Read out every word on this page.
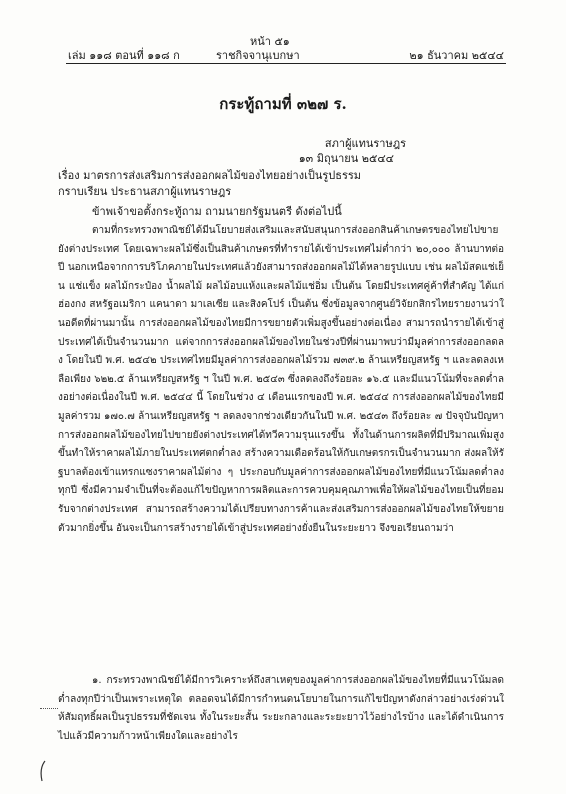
หน้า ๕๑
เล่ม ๑๑๘ ตอนที่ ๑๑๘ ก	ราชกิจจานุเบกษา	๒๑ ธันวาคม ๒๕๔๔
กระทู้ถามที่ ๓๒๗ ร.
สภาผู้แทนราษฎร
๑๓ มิถุนายน ๒๕๔๔
เรื่อง มาตรการส่งเสริมการส่งออกผลไม้ของไทยอย่างเป็นรูปธรรม
กราบเรียน ประธานสภาผู้แทนราษฎร
ข้าพเจ้าขอตั้งกระทู้ถาม ถามนายกรัฐมนตรี ดังต่อไปนี้
ตามที่กระทรวงพาณิชย์ได้มีนโยบายส่งเสริมและสนับสนุนการส่งออกสินค้าเกษตรของไทยไปขายยังต่างประเทศ โดยเฉพาะผลไม้ซึ่งเป็นสินค้าเกษตรที่ทำรายได้เข้าประเทศไม่ต่ำกว่า ๒๐,๐๐๐ ล้านบาทต่อปี นอกเหนือจากการบริโภคภายในประเทศแล้วยังสามารถส่งออกผลไม้ได้หลายรูปแบบ เช่น ผลไม้สดแช่เย็น แช่แข็ง ผลไม้กระป๋อง น้ำผลไม้ ผลไม้อบแห้งและผลไม้แช่อิ่ม เป็นต้น โดยมีประเทศคู่ค้าที่สำคัญ ได้แก่ ฮ่องกง สหรัฐอเมริกา แคนาดา มาเลเซีย และสิงคโปร์ เป็นต้น ซึ่งข้อมูลจากศูนย์วิจัยกสิกรไทยรายงานว่าในอดีตที่ผ่านมานั้น การส่งออกผลไม้ของไทยมีการขยายตัวเพิ่มสูงขึ้นอย่างต่อเนื่อง สามารถนำรายได้เข้าสู่ประเทศได้เป็นจำนวนมาก แต่จากการส่งออกผลไม้ของไทยในช่วงปีที่ผ่านมาพบว่ามีมูลค่าการส่งออกลดลง โดยในปี พ.ศ. ๒๕๔๒ ประเทศไทยมีมูลค่าการส่งออกผลไม้รวม ๗๓๙.๒ ล้านเหรียญสหรัฐ ฯ และลดลงเหลือเพียง ๖๒๒.๕ ล้านเหรียญสหรัฐ ฯ ในปี พ.ศ. ๒๕๔๓ ซึ่งลดลงถึงร้อยละ ๑๖.๕ และมีแนวโน้มที่จะลดต่ำลงอย่างต่อเนื่องในปี พ.ศ. ๒๕๔๔ นี้ โดยในช่วง ๔ เดือนแรกของปี พ.ศ. ๒๕๔๔ การส่งออกผลไม้ของไทยมีมูลค่ารวม ๑๗๐.๗ ล้านเหรียญสหรัฐ ฯ ลดลงจากช่วงเดียวกันในปี พ.ศ. ๒๕๔๓ ถึงร้อยละ ๗ ปัจจุบันปัญหาการส่งออกผลไม้ของไทยไปขายยังต่างประเทศได้ทวีความรุนแรงขึ้น ทั้งในด้านการผลิตที่มีปริมาณเพิ่มสูงขึ้นทำให้ราคาผลไม้ภายในประเทศตกต่ำลง สร้างความเดือดร้อนให้กับเกษตรกรเป็นจำนวนมาก ส่งผลให้รัฐบาลต้องเข้าแทรกแซงราคาผลไม้ต่าง ๆ ประกอบกับมูลค่าการส่งออกผลไม้ของไทยที่มีแนวโน้มลดต่ำลงทุกปี ซึ่งมีความจำเป็นที่จะต้องแก้ไขปัญหาการผลิตและการควบคุมคุณภาพเพื่อให้ผลไม้ของไทยเป็นที่ยอมรับจากต่างประเทศ สามารถสร้างความได้เปรียบทางการค้าและส่งเสริมการส่งออกผลไม้ของไทยให้ขยายตัวมากยิ่งขึ้น อันจะเป็นการสร้างรายได้เข้าสู่ประเทศอย่างยั่งยืนในระยะยาว จึงขอเรียนถามว่า
๑. กระทรวงพาณิชย์ได้มีการวิเคราะห์ถึงสาเหตุของมูลค่าการส่งออกผลไม้ของไทยที่มีแนวโน้มลดต่ำลงทุกปีว่าเป็นเพราะเหตุใด ตลอดจนได้มีการกำหนดนโยบายในการแก้ไขปัญหาดังกล่าวอย่างเร่งด่วนให้สัมฤทธิ์ผลเป็นรูปธรรมที่ชัดเจน ทั้งในระยะสั้น ระยะกลางและระยะยาวไว้อย่างไรบ้าง และได้ดำเนินการไปแล้วมีความก้าวหน้าเพียงใดและอย่างไร
